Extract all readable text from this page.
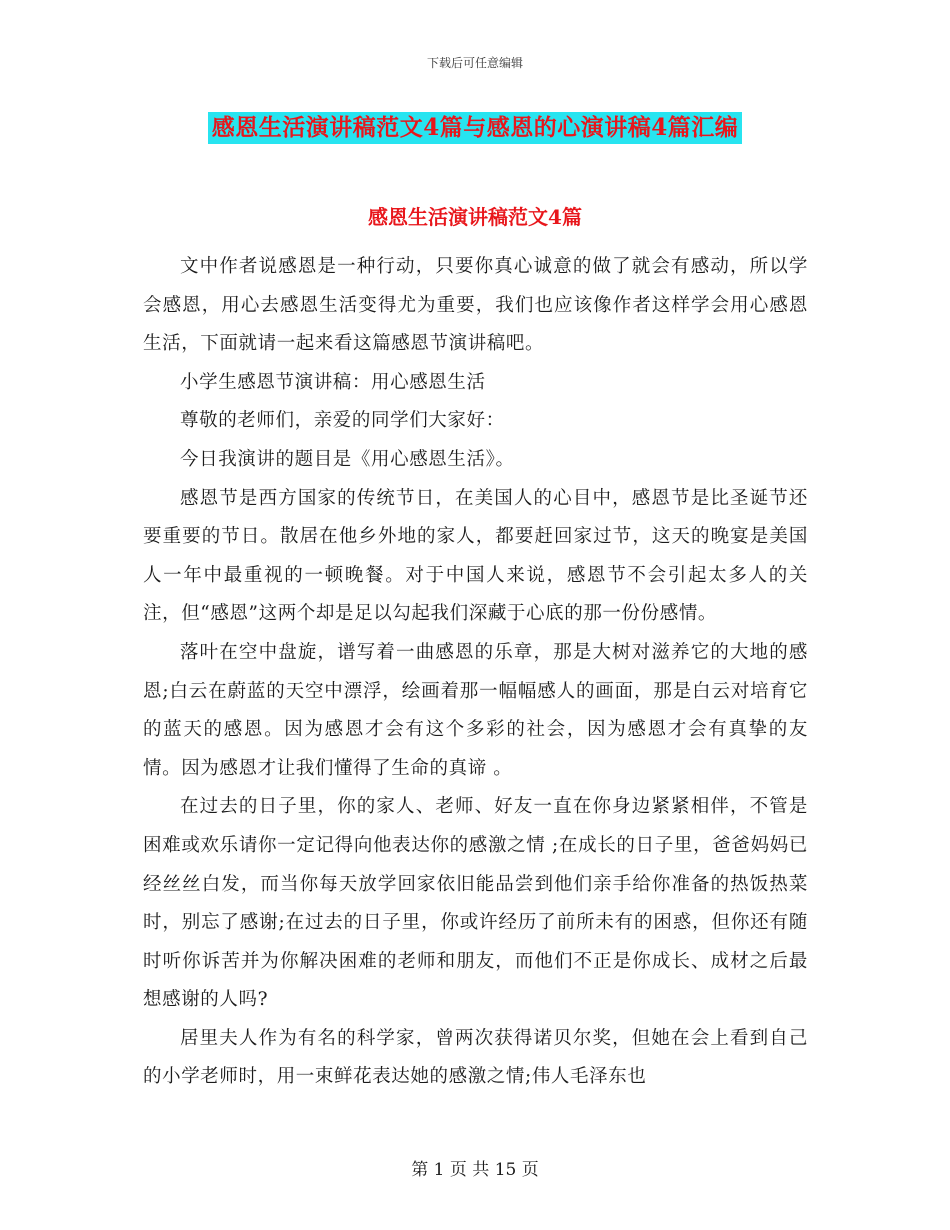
下载后可任意编辑
感恩生活演讲稿范文4篇与感恩的心演讲稿4篇汇编
感恩生活演讲稿范文4篇

文中作者说感恩是一种行动，只要你真心诚意的做了就会有感动，所以学会感恩，用心去感恩生活变得尤为重要，我们也应该像作者这样学会用心感恩生活，下面就请一起来看这篇感恩节演讲稿吧。

小学生感恩节演讲稿：用心感恩生活

尊敬的老师们，亲爱的同学们大家好：

今日我演讲的题目是《用心感恩生活》。

感恩节是西方国家的传统节日，在美国人的心目中，感恩节是比圣诞节还要重要的节日。散居在他乡外地的家人，都要赶回家过节，这天的晚宴是美国人一年中最重视的一顿晚餐。对于中国人来说，感恩节不会引起太多人的关注，但“感恩”这两个却是足以勾起我们深藏于心底的那一份份感情。

落叶在空中盘旋，谱写着一曲感恩的乐章，那是大树对滋养它的大地的感恩;白云在蔚蓝的天空中漂浮，绘画着那一幅幅感人的画面，那是白云对培育它的蓝天的感恩。因为感恩才会有这个多彩的社会，因为感恩才会有真挚的友情。因为感恩才让我们懂得了生命的真谛 。

在过去的日子里，你的家人、老师、好友一直在你身边紧紧相伴，不管是困难或欢乐请你一定记得向他表达你的感激之情 ;在成长的日子里，爸爸妈妈已经丝丝白发，而当你每天放学回家依旧能品尝到他们亲手给你准备的热饭热菜时，别忘了感谢;在过去的日子里，你或许经历了前所未有的困惑，但你还有随时听你诉苦并为你解决困难的老师和朋友，而他们不正是你成长、成材之后最想感谢的人吗?

居里夫人作为有名的科学家，曾两次获得诺贝尔奖，但她在会上看到自己的小学老师时，用一束鲜花表达她的感激之情;伟人毛泽东也

第 1 页 共 15 页
